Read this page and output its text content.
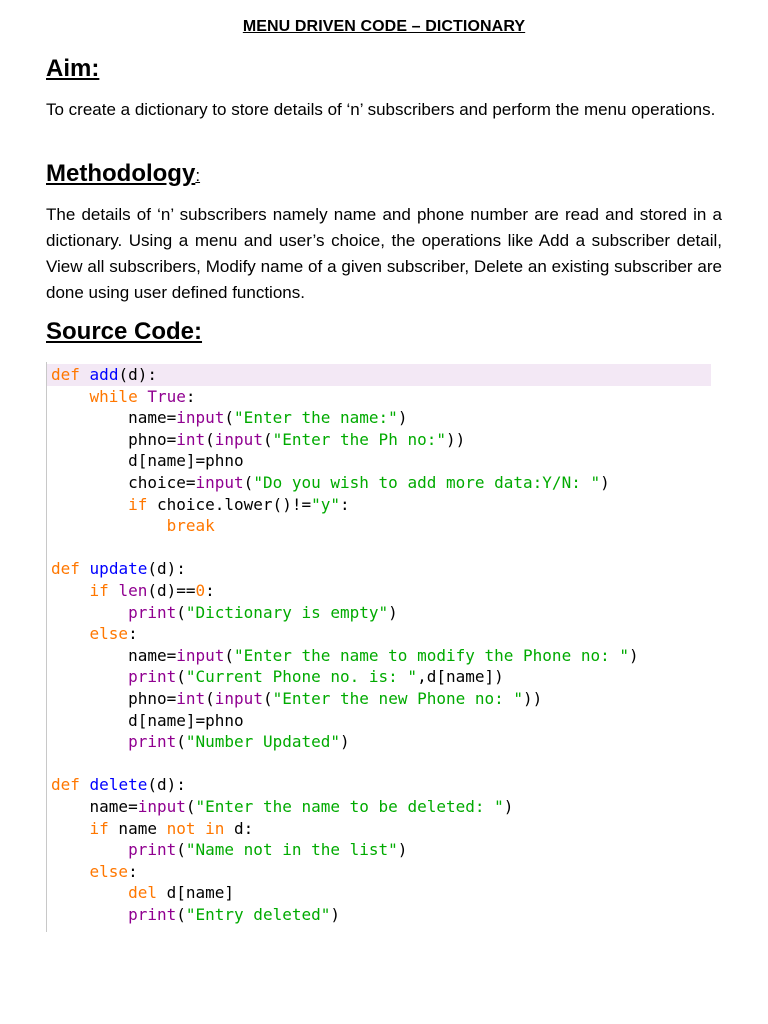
MENU DRIVEN CODE – DICTIONARY
Aim:

To create a dictionary to store details of ‘n’ subscribers and perform the menu operations.

Methodology:

The details of ‘n’ subscribers namely name and phone number are read and stored in a dictionary. Using a menu and user’s choice, the operations like Add a subscriber detail, View all subscribers, Modify name of a given subscriber, Delete an existing subscriber are done using user defined functions.

Source Code:
def add(d):
while True:
name=input("Enter the name:")
phno=int(input("Enter the Ph no:"))
d[name]=phno
choice=input("Do you wish to add more data:Y/N: ")
if choice.lower()!="y":
break
def update(d):
if len(d)==0:
print("Dictionary is empty")
else:
name=input("Enter the name to modify the Phone no: ")
print("Current Phone no. is: ",d[name])
phno=int(input("Enter the new Phone no: "))
d[name]=phno
print("Number Updated")
def delete(d):
name=input("Enter the name to be deleted: ")
if name not in d:
print("Name not in the list")
else:
del d[name]
print("Entry deleted")
